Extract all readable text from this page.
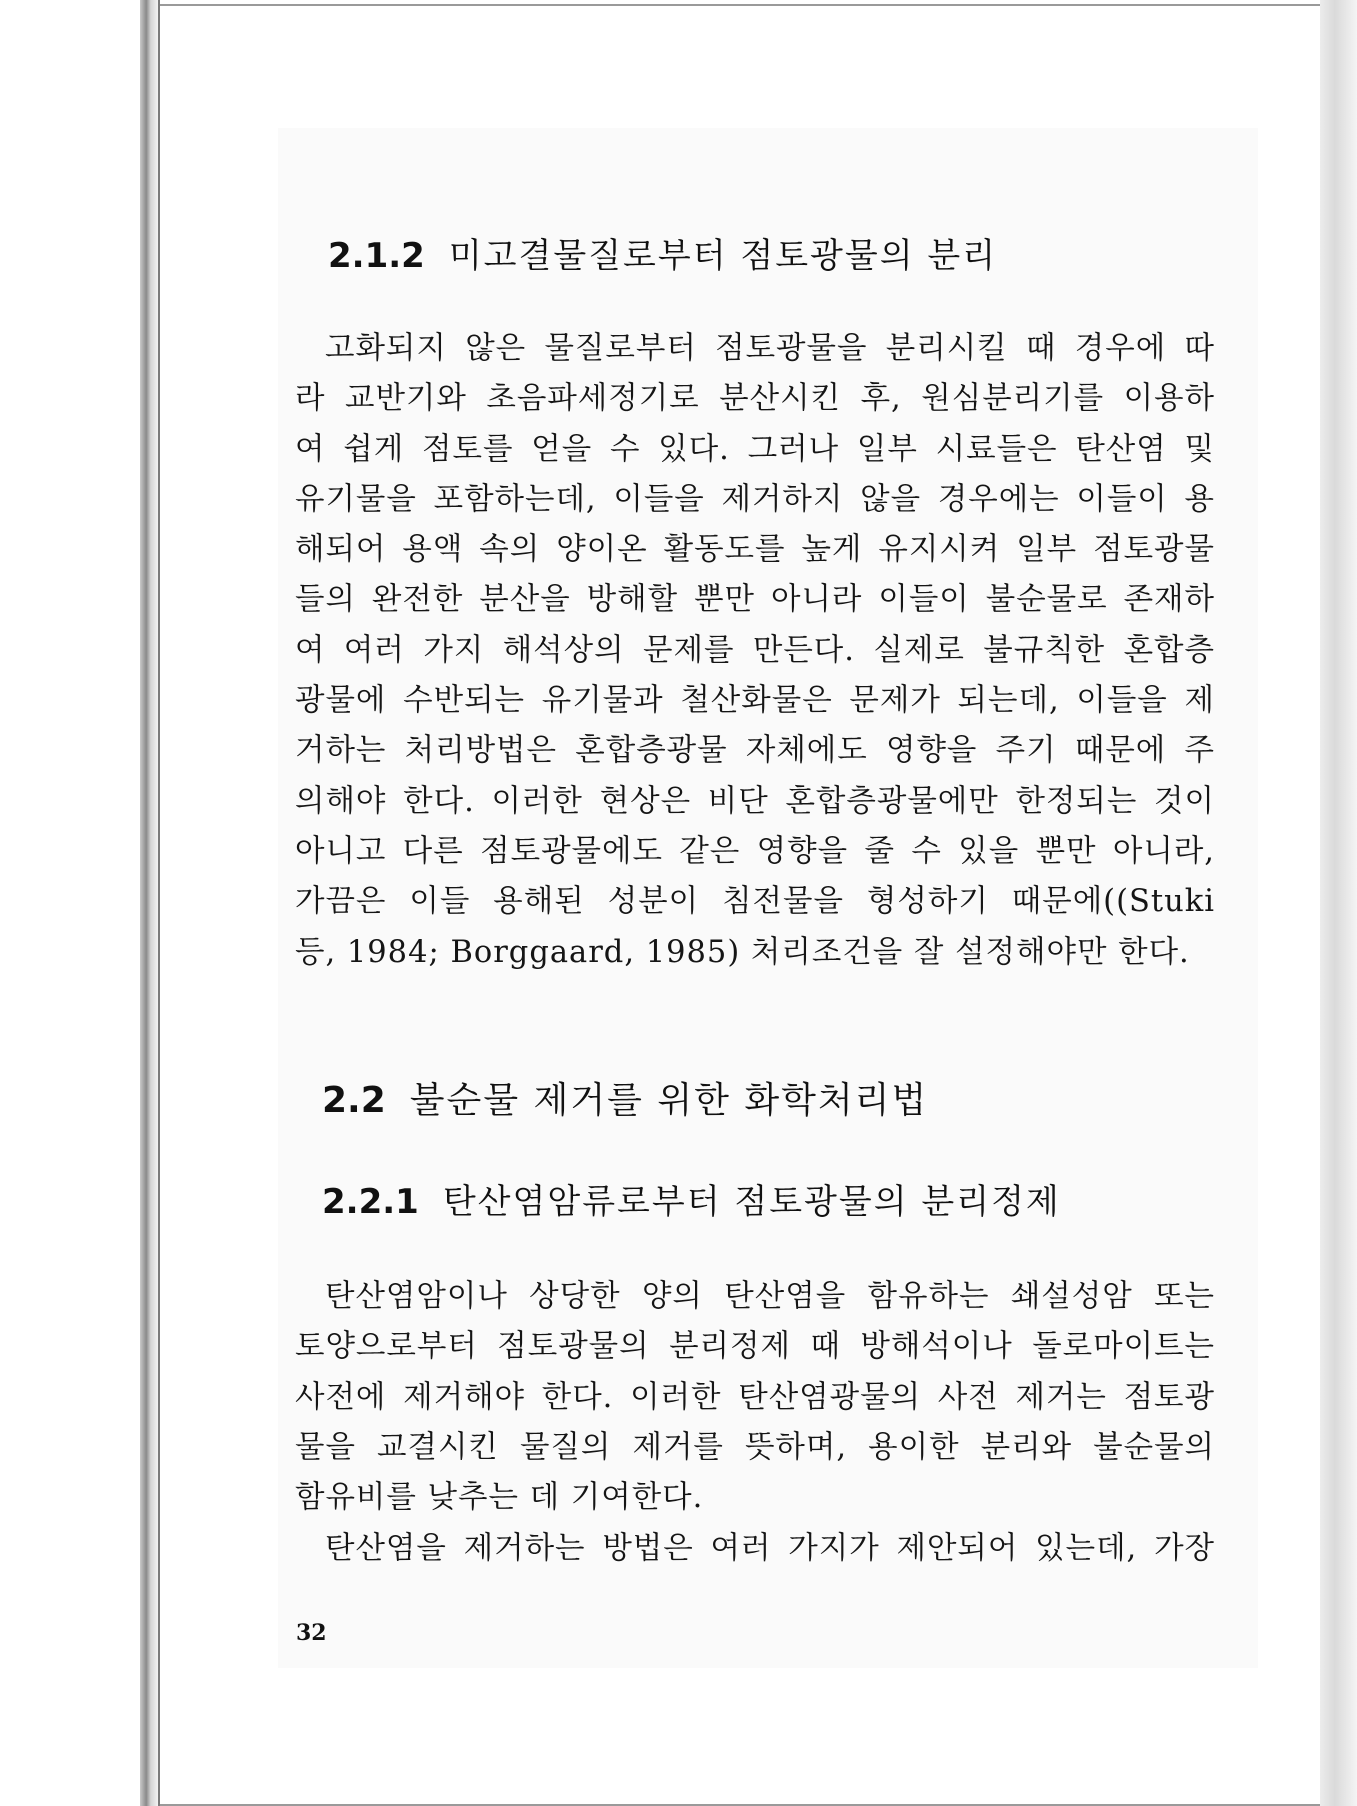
2.1.2 미고결물질로부터 점토광물의 분리
고화되지 않은 물질로부터 점토광물을 분리시킬 때 경우에 따
라 교반기와 초음파세정기로 분산시킨 후, 원심분리기를 이용하
여 쉽게 점토를 얻을 수 있다. 그러나 일부 시료들은 탄산염 및
유기물을 포함하는데, 이들을 제거하지 않을 경우에는 이들이 용
해되어 용액 속의 양이온 활동도를 높게 유지시켜 일부 점토광물
들의 완전한 분산을 방해할 뿐만 아니라 이들이 불순물로 존재하
여 여러 가지 해석상의 문제를 만든다. 실제로 불규칙한 혼합층
광물에 수반되는 유기물과 철산화물은 문제가 되는데, 이들을 제
거하는 처리방법은 혼합층광물 자체에도 영향을 주기 때문에 주
의해야 한다. 이러한 현상은 비단 혼합층광물에만 한정되는 것이
아니고 다른 점토광물에도 같은 영향을 줄 수 있을 뿐만 아니라,
가끔은 이들 용해된 성분이 침전물을 형성하기 때문에((Stuki
등, 1984; Borggaard, 1985) 처리조건을 잘 설정해야만 한다.
2.2 불순물 제거를 위한 화학처리법
2.2.1 탄산염암류로부터 점토광물의 분리정제
탄산염암이나 상당한 양의 탄산염을 함유하는 쇄설성암 또는
토양으로부터 점토광물의 분리정제 때 방해석이나 돌로마이트는
사전에 제거해야 한다. 이러한 탄산염광물의 사전 제거는 점토광
물을 교결시킨 물질의 제거를 뜻하며, 용이한 분리와 불순물의
함유비를 낮추는 데 기여한다.
탄산염을 제거하는 방법은 여러 가지가 제안되어 있는데, 가장
32
